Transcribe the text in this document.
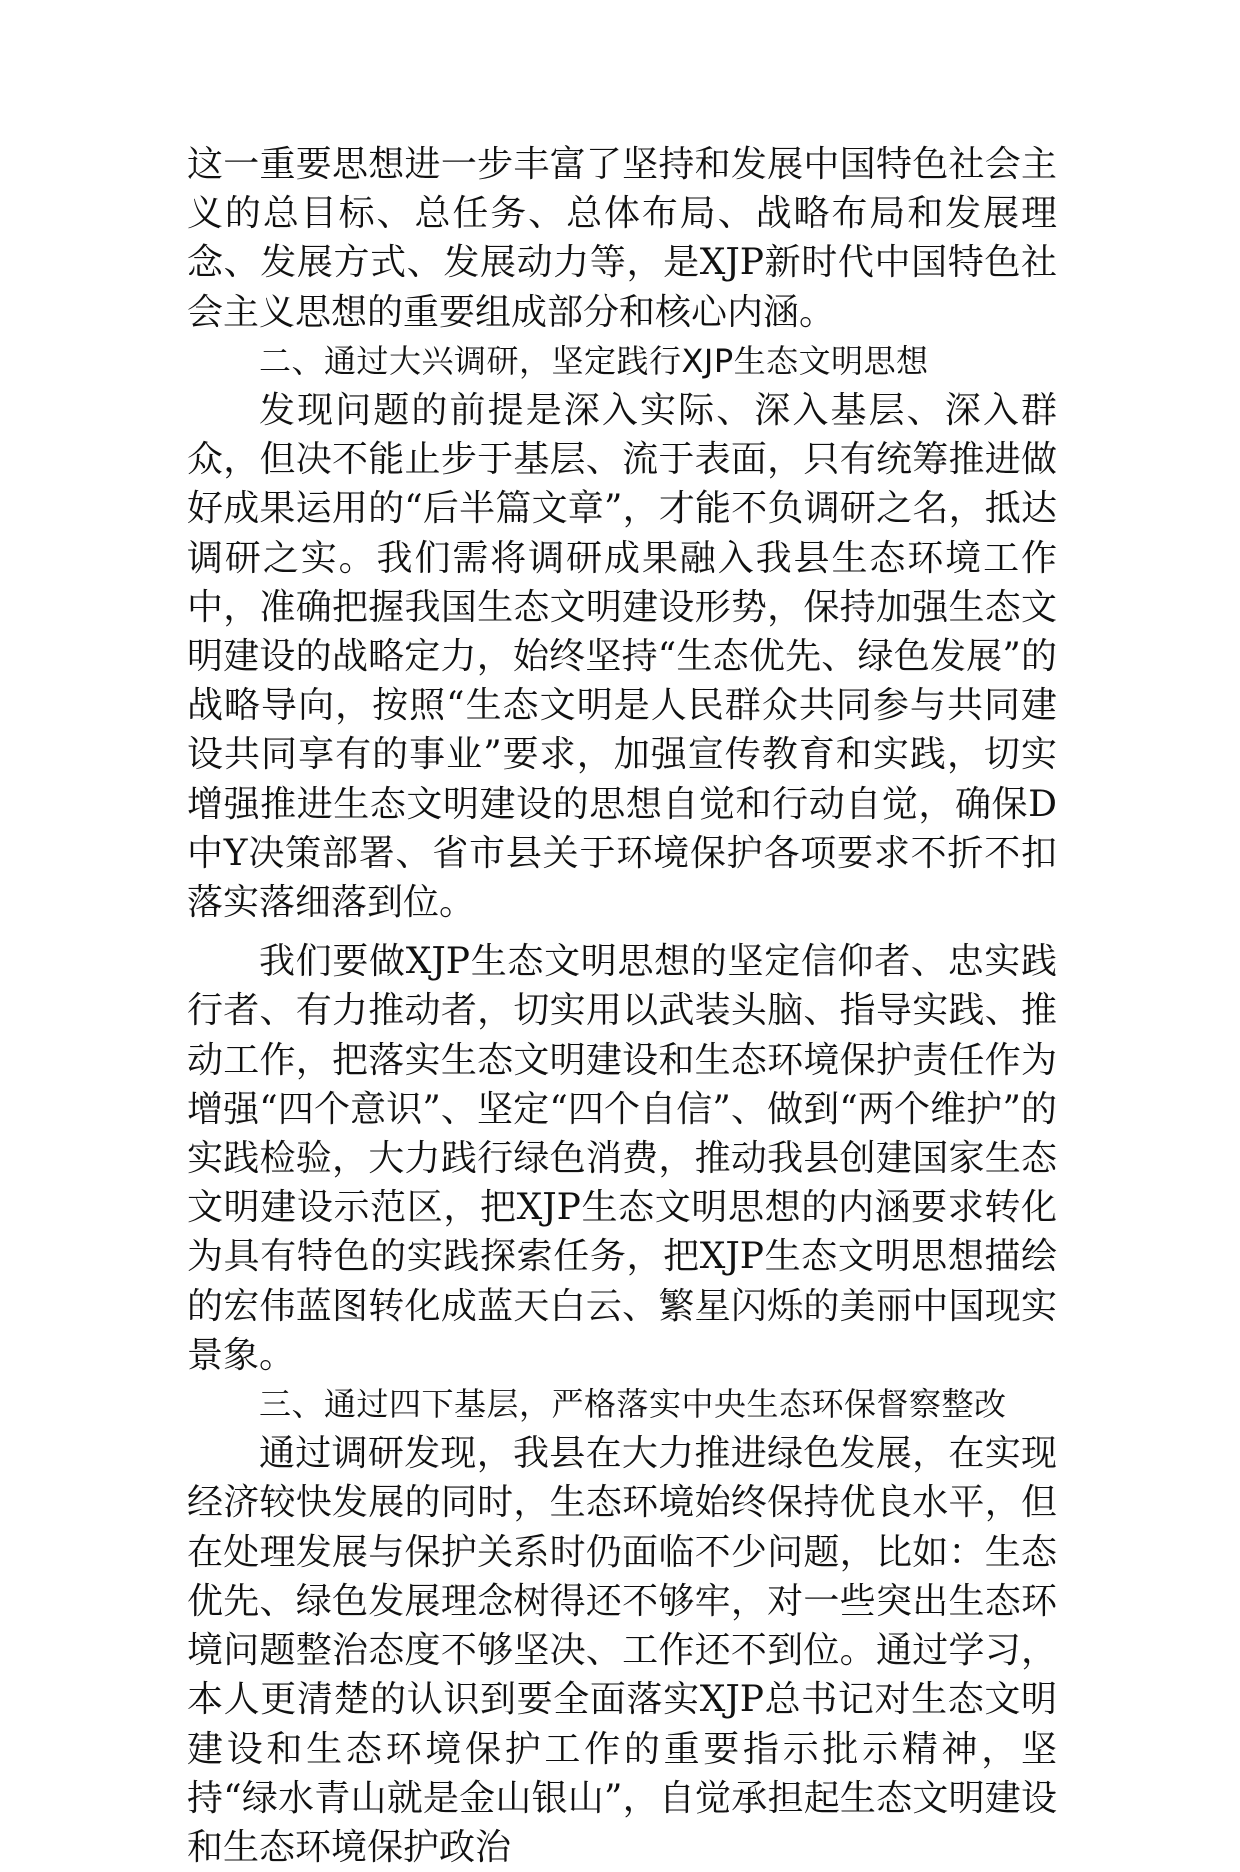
这一重要思想进一步丰富了坚持和发展中国特色社会主义的总目标、总任务、总体布局、战略布局和发展理念、发展方式、发展动力等，是XJP新时代中国特色社会主义思想的重要组成部分和核心内涵。

二、通过大兴调研，坚定践行XJP生态文明思想

发现问题的前提是深入实际、深入基层、深入群众，但决不能止步于基层、流于表面，只有统筹推进做好成果运用的“后半篇文章”，才能不负调研之名，抵达调研之实。我们需将调研成果融入我县生态环境工作中，准确把握我国生态文明建设形势，保持加强生态文明建设的战略定力，始终坚持“生态优先、绿色发展”的战略导向，按照“生态文明是人民群众共同参与共同建设共同享有的事业”要求，加强宣传教育和实践，切实增强推进生态文明建设的思想自觉和行动自觉，确保D中Y决策部署、省市县关于环境保护各项要求不折不扣落实落细落到位。

我们要做XJP生态文明思想的坚定信仰者、忠实践行者、有力推动者，切实用以武装头脑、指导实践、推动工作，把落实生态文明建设和生态环境保护责任作为增强“四个意识”、坚定“四个自信”、做到“两个维护”的实践检验，大力践行绿色消费，推动我县创建国家生态文明建设示范区，把XJP生态文明思想的内涵要求转化为具有特色的实践探索任务，把XJP生态文明思想描绘的宏伟蓝图转化成蓝天白云、繁星闪烁的美丽中国现实景象。

三、通过四下基层，严格落实中央生态环保督察整改

通过调研发现，我县在大力推进绿色发展，在实现经济较快发展的同时，生态环境始终保持优良水平，但在处理发展与保护关系时仍面临不少问题，比如：生态优先、绿色发展理念树得还不够牢，对一些突出生态环境问题整治态度不够坚决、工作还不到位。通过学习，本人更清楚的认识到要全面落实XJP总书记对生态文明建设和生态环境保护工作的重要指示批示精神，坚持“绿水青山就是金山银山”，自觉承担起生态文明建设和生态环境保护政治
